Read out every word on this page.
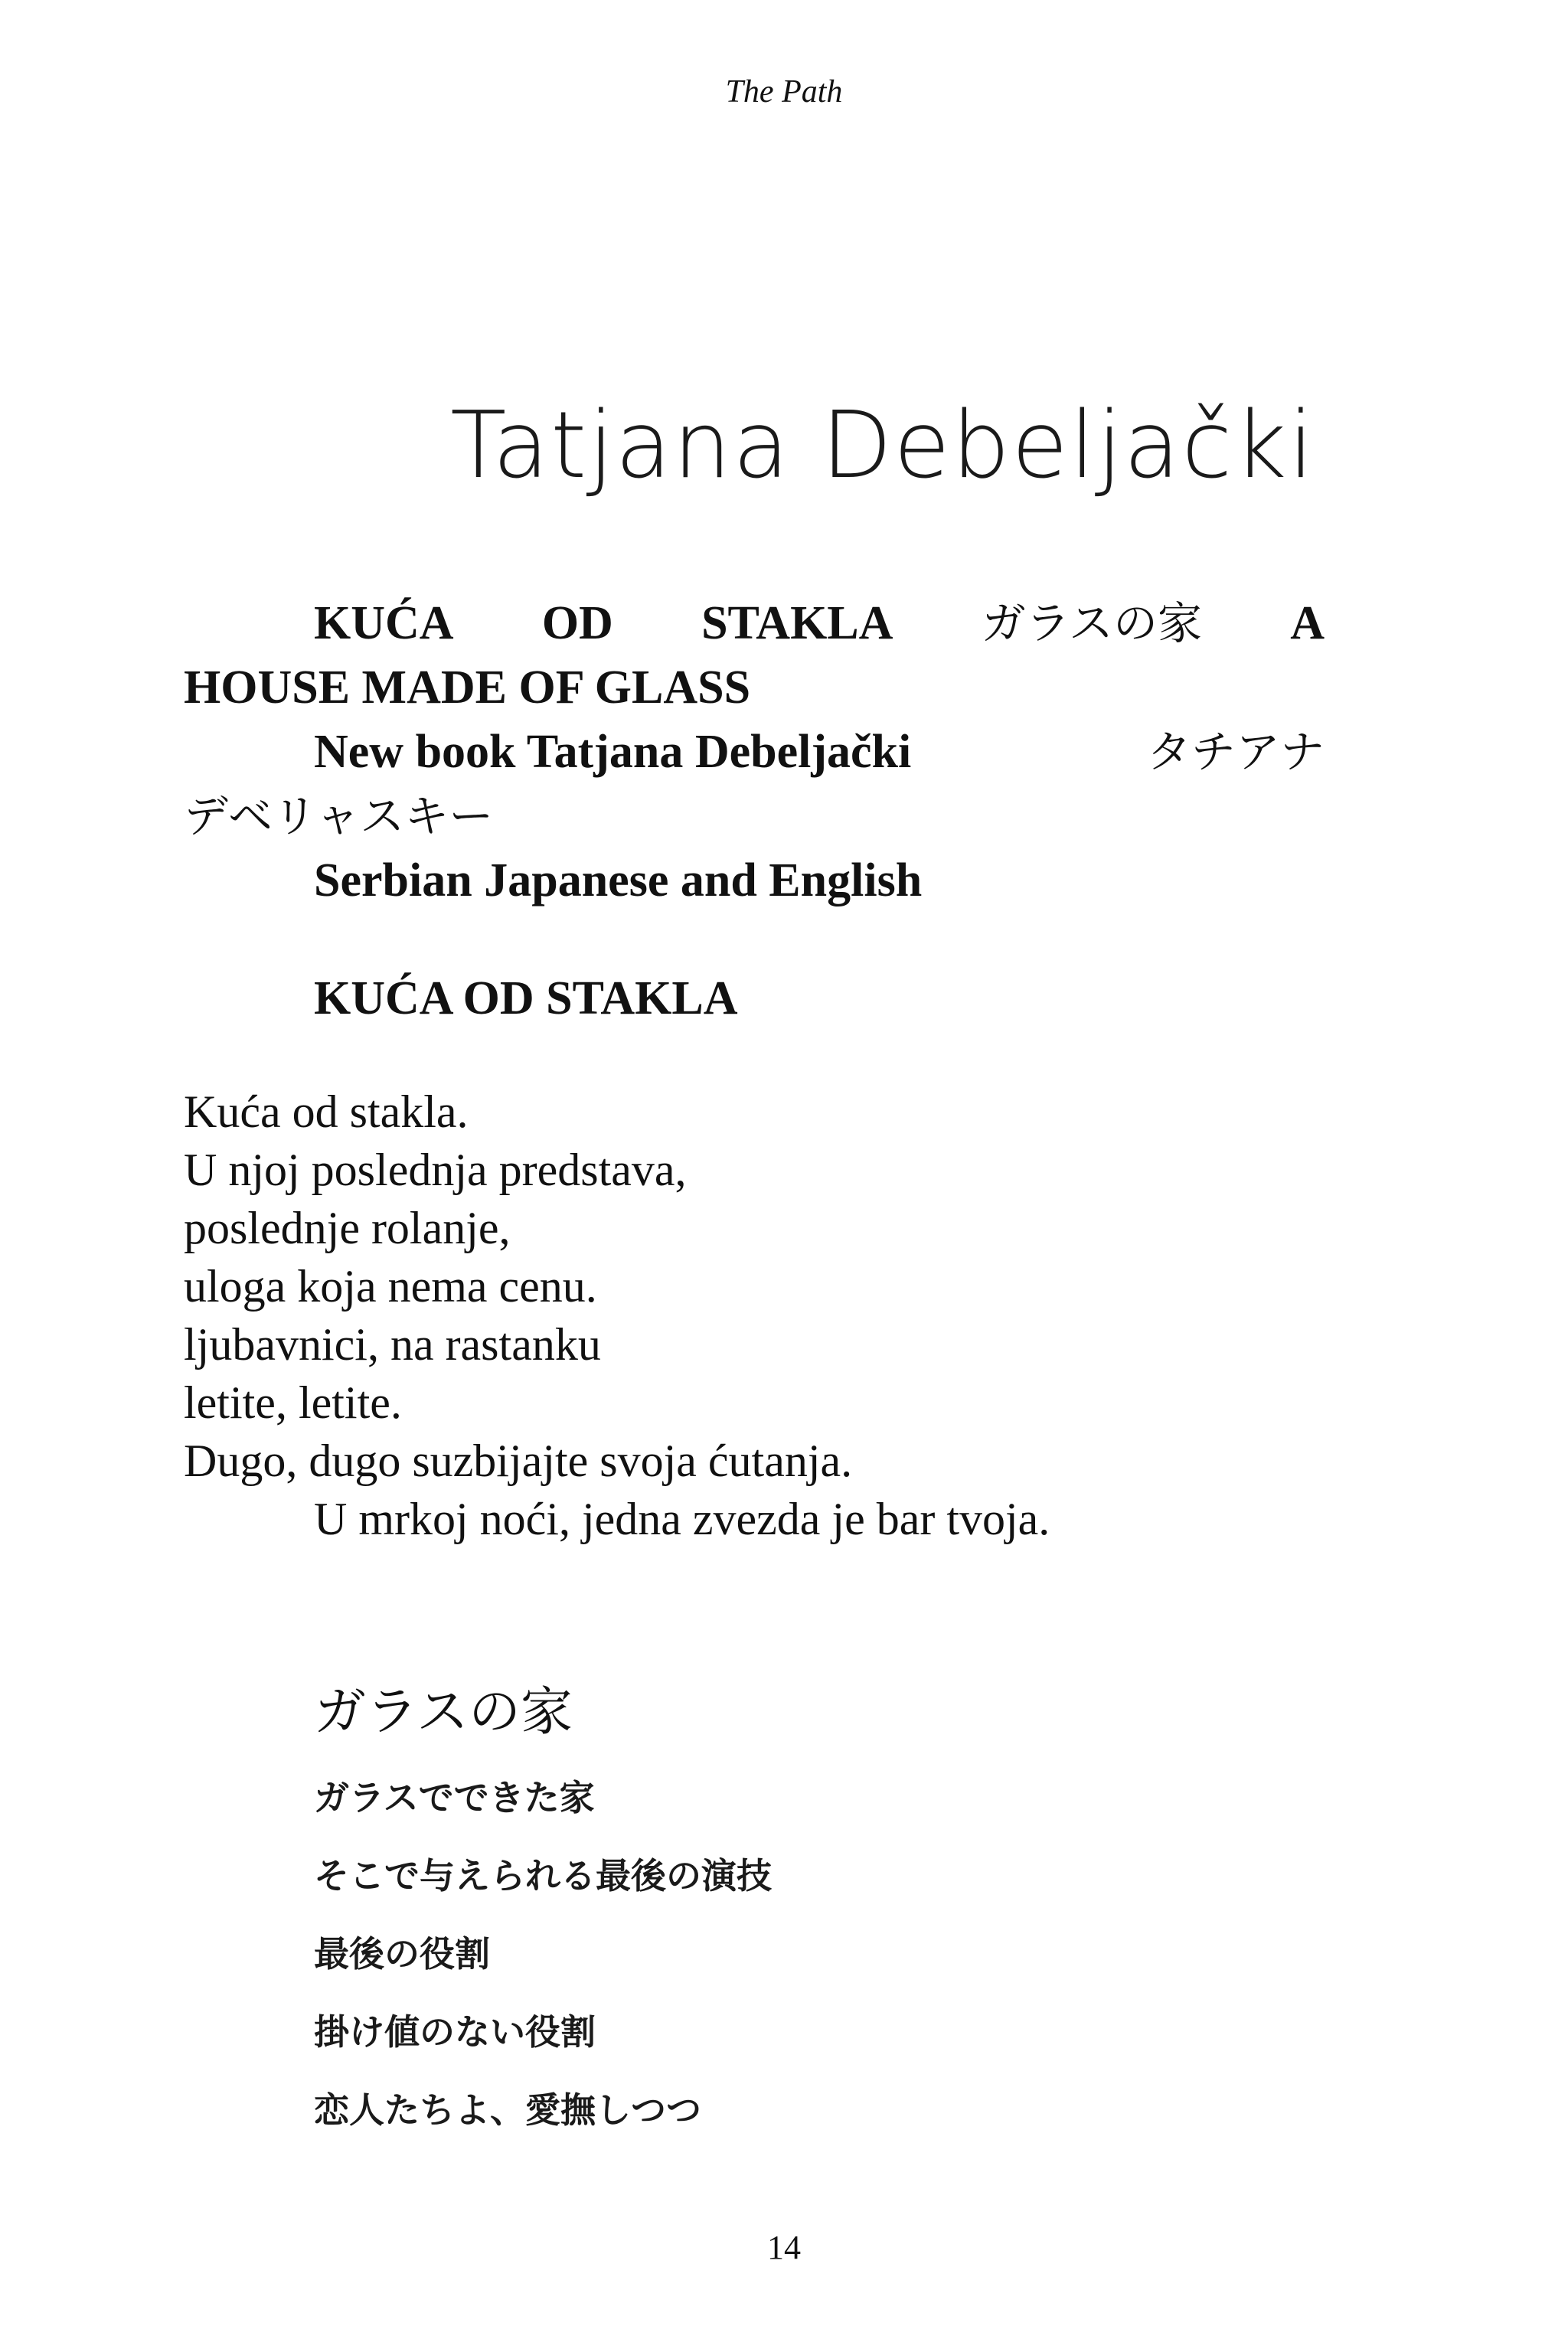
The Path
Tatjana Debeljački
KUĆA OD STAKLA ガラスの家 A
HOUSE MADE OF GLASS
New book Tatjana Debeljački	タチアナ
デベリャスキー
Serbian Japanese and English
KUĆA OD STAKLA
Kuća od stakla.
U njoj poslednja predstava,
poslednje rolanje,
uloga koja nema cenu.
ljubavnici, na rastanku
letite, letite.
Dugo, dugo suzbijajte svoja ćutanja.
U mrkoj noći, jedna zvezda je bar tvoja.
ガラスの家
ガラスでできた家
そこで与えられる最後の演技
最後の役割
掛け値のない役割
恋人たちよ、愛撫しつつ
14
